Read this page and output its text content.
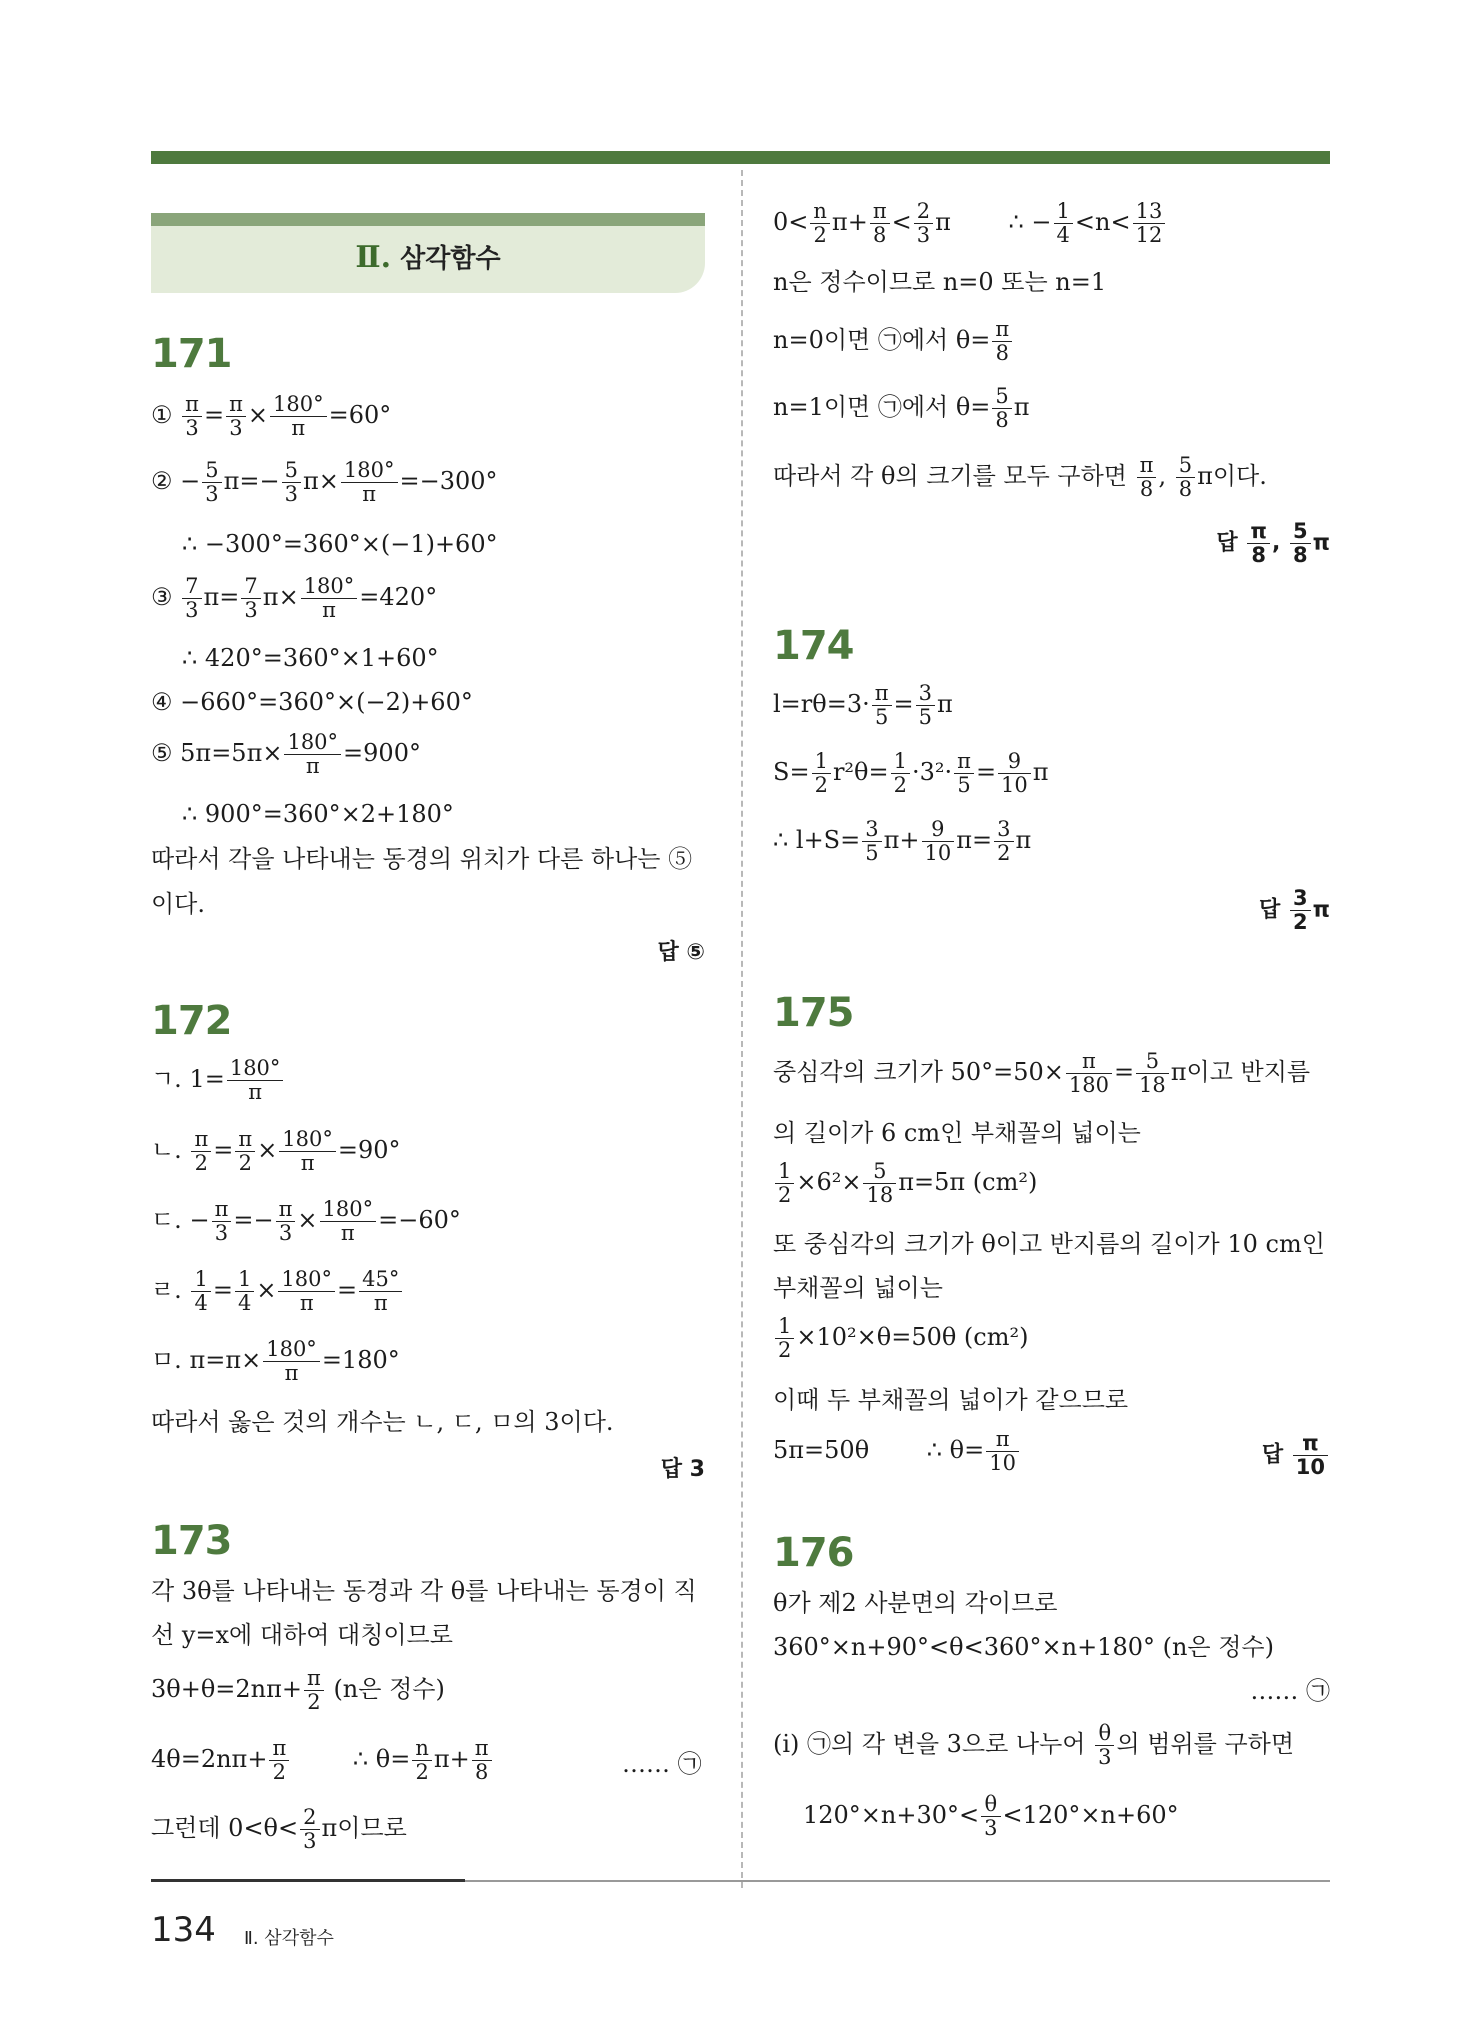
Ⅱ. 삼각함수
171
① $\frac{\pi}{3} = \frac{\pi}{3} \times \frac{180^\circ}{\pi} =60^\circ$
② − $\frac{5}{3} \pi=- \frac{5}{3} \pi\times \frac{180^\circ}{\pi} =-300^\circ$
∴ −300°=360°×(−1)+60°
③ $\frac{7}{3} \pi= \frac{7}{3} \pi\times \frac{180^\circ}{\pi} =420^\circ$
∴ 420°=360°×1+60°
④ −660°=360°×(−2)+60°
⑤ $5\pi=5\pi\times \frac{180^\circ}{\pi} =900^\circ$
∴ 900°=360°×2+180°
따라서 각을 나타내는 동경의 위치가 다른 하나는 ⑤
이다.
답 ⑤
172
ㄱ. $1= \frac{180^\circ}{\pi}$
ㄴ. $\frac{\pi}{2} = \frac{\pi}{2} \times \frac{180^\circ}{\pi} =90^\circ$
ㄷ. − $\frac{\pi}{3} =- \frac{\pi}{3} \times \frac{180^\circ}{\pi} =-60^\circ$
ㄹ. $\frac{1}{4} = \frac{1}{4} \times \frac{180^\circ}{\pi} = \frac{45^\circ}{\pi}$
ㅁ. $\pi=\pi\times \frac{180^\circ}{\pi} =180^\circ$
따라서 옳은 것의 개수는 ㄴ, ㄷ, ㅁ의 3이다.
답 3
173
각 3θ를 나타내는 동경과 각 θ를 나타내는 동경이 직
선 y=x에 대하여 대칭이므로
$3\theta+\theta=2n\pi+ \frac{\pi}{2} (n$은 정수)
$4\theta=2n\pi+ \frac{\pi}{2}$	∴ $\theta= \frac{n}{2} \pi+ \frac{\pi}{8}$	…… ㉠
그런데 $0<\theta< \frac{2}{3}$ π이므로
$0< \frac{n}{2} \pi+ \frac{\pi}{8} < \frac{2}{3}$ π ∴ − $\frac{1}{4} <n< \frac{13}{12}$
n은 정수이므로 n=0 또는 n=1
n=0이면 ㉠에서 $\theta= \frac{\pi}{8}$
n=1이면 ㉠에서 $\theta= \frac{5}{8}$ π
따라서 각 θ의 크기를 모두 구하면 $\frac{\pi}{8}$ , $\frac{5}{8}$ π이다.
답 $\frac{\pi}{8}$ , $\frac{5}{8}$ π
174
$l=r\theta=3\cdot \frac{\pi}{5} = \frac{3}{5}$ π
$S= \frac{1}{2} r^2\theta= \frac{1}{2} \cdot 3^2\cdot \frac{\pi}{5} = \frac{9}{10}$ π
∴ $l+S= \frac{3}{5} \pi+ \frac{9}{10} \pi= \frac{3}{2}$ π
답 $\frac{3}{2}$ π
175
중심각의 크기가 $50^\circ=50\times \frac{\pi}{180} = \frac{5}{18}$ π이고 반지름
의 길이가 6 cm인 부채꼴의 넓이는
$\frac{1}{2} \times 6^2\times \frac{5}{18} \pi=5\pi$ (cm²)
또 중심각의 크기가 θ이고 반지름의 길이가 10 cm인
부채꼴의 넓이는
$\frac{1}{2} \times 10^2\times\theta=50\theta$ (cm²)
이때 두 부채꼴의 넓이가 같으므로
5π=50θ ∴ $\theta= \frac{\pi}{10}$	답 $\frac{\pi}{10}$
176
θ가 제2 사분면의 각이므로
360°×n+90°<θ<360°×n+180° (n은 정수)
…… ㉠
(i) ㉠의 각 변을 3으로 나누어 $\frac{\theta}{3}$ 의 범위를 구하면
$120^\circ\times n+30^\circ< \frac{\theta}{3} <120^\circ\times n+60^\circ$
134 Ⅱ. 삼각함수
